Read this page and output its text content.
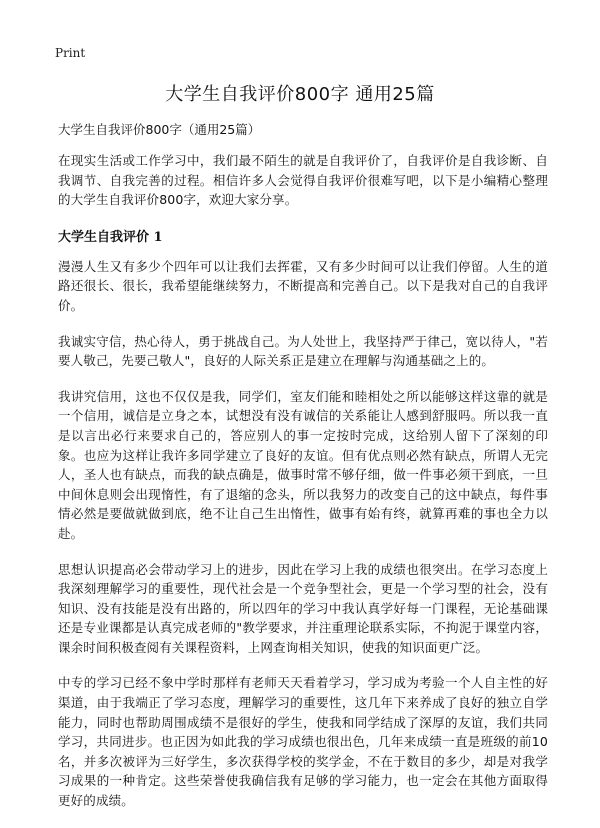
Print
大学生自我评价800字 通用25篇
大学生自我评价800字（通用25篇）

在现实生活或工作学习中，我们最不陌生的就是自我评价了，自我评价是自我诊断、自我调节、自我完善的过程。相信许多人会觉得自我评价很难写吧，以下是小编精心整理的大学生自我评价800字，欢迎大家分享。

大学生自我评价 1

漫漫人生又有多少个四年可以让我们去挥霍，又有多少时间可以让我们停留。人生的道路还很长、很长，我希望能继续努力，不断提高和完善自己。以下是我对自己的自我评价。

我诚实守信，热心待人，勇于挑战自己。为人处世上，我坚持严于律己，宽以待人，"若要人敬己，先要己敬人"，良好的人际关系正是建立在理解与沟通基础之上的。

我讲究信用，这也不仅仅是我，同学们，室友们能和睦相处之所以能够这样这靠的就是一个信用，诚信是立身之本，试想没有没有诚信的关系能让人感到舒服吗。所以我一直是以言出必行来要求自己的，答应别人的事一定按时完成，这给别人留下了深刻的印象。也应为这样让我许多同学建立了良好的友谊。但有优点则必然有缺点，所谓人无完人，圣人也有缺点，而我的缺点确是，做事时常不够仔细，做一件事必须干到底，一旦中间休息则会出现惰性，有了退缩的念头，所以我努力的改变自己的这中缺点，每件事情必然是要做就做到底，绝不让自己生出惰性，做事有始有终，就算再难的事也全力以赴。

思想认识提高必会带动学习上的进步，因此在学习上我的成绩也很突出。在学习态度上我深刻理解学习的重要性，现代社会是一个竞争型社会，更是一个学习型的社会，没有知识、没有技能是没有出路的，所以四年的学习中我认真学好每一门课程，无论基础课还是专业课都是认真完成老师的"教学要求，并注重理论联系实际，不拘泥于课堂内容，课余时间积极查阅有关课程资料，上网查询相关知识，使我的知识面更广泛。

中专的学习已经不象中学时那样有老师天天看着学习，学习成为考验一个人自主性的好渠道，由于我端正了学习态度，理解学习的重要性，这几年下来养成了良好的独立自学能力，同时也帮助周围成绩不是很好的学生，使我和同学结成了深厚的友谊，我们共同学习，共同进步。也正因为如此我的学习成绩也很出色，几年来成绩一直是班级的前10名，并多次被评为三好学生，多次获得学校的奖学金，不在于数目的多少，却是对我学习成果的一种肯定。这些荣誉使我确信我有足够的学习能力，也一定会在其他方面取得更好的成绩。
